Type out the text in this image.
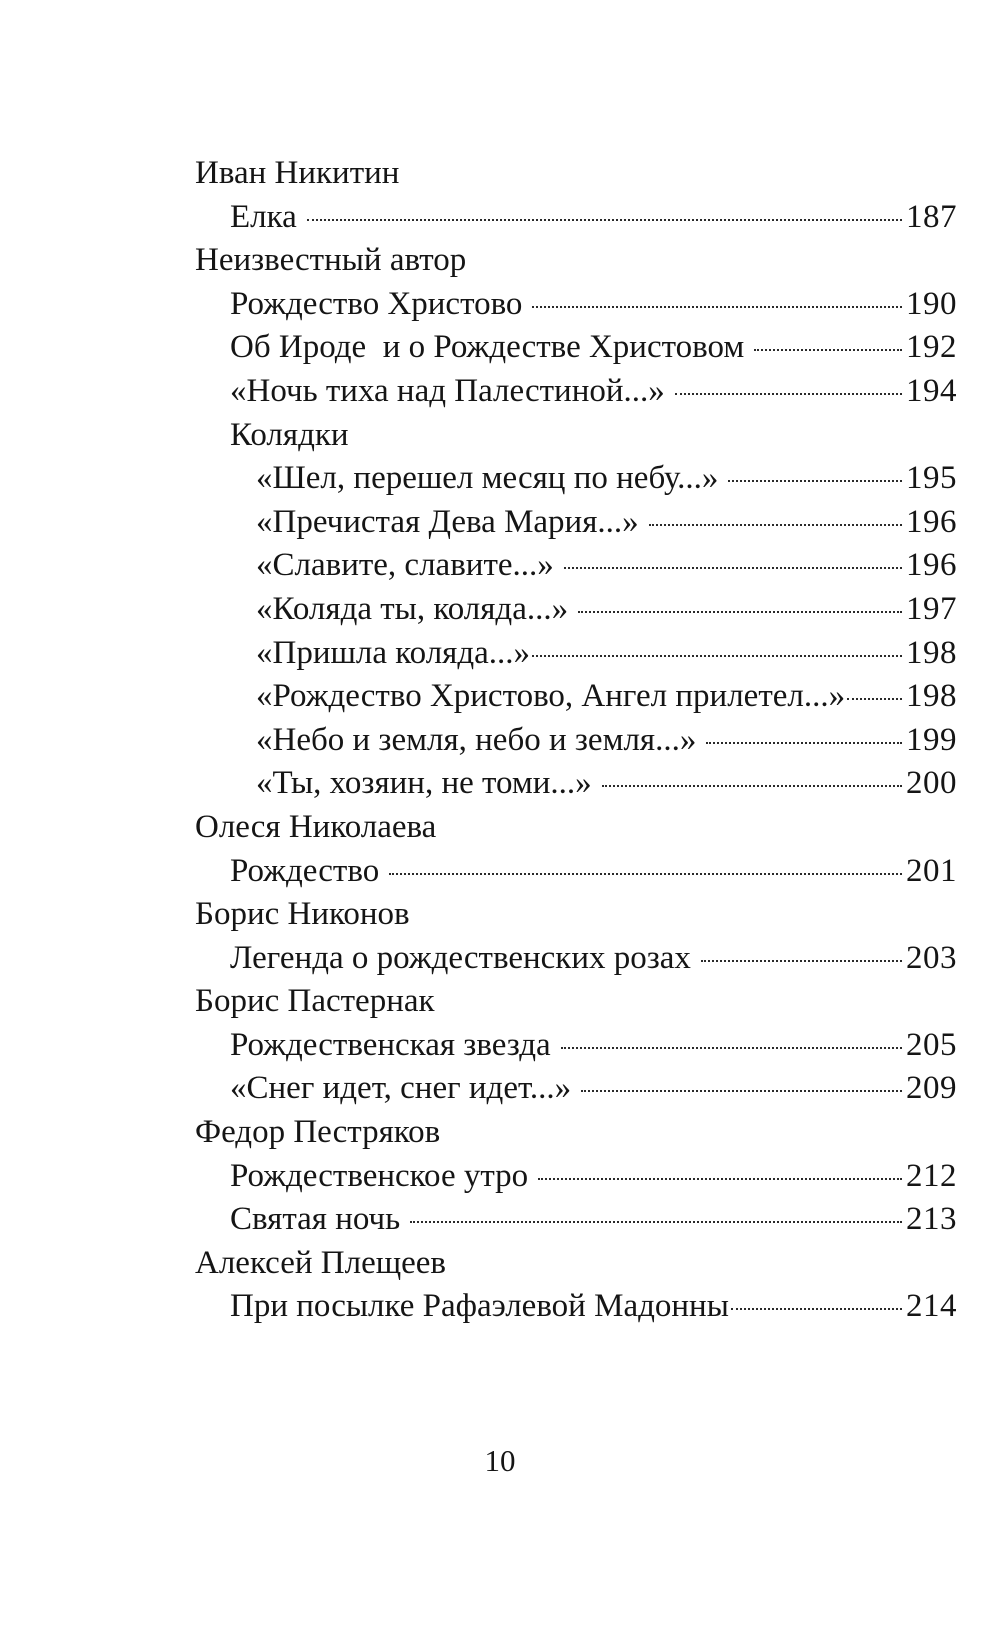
Иван Никитин
Елка	187
Неизвестный автор
Рождество Христово	190
Об Ироде  и о Рождестве Христовом	192
«Ночь тиха над Палестиной...»	194
Колядки
«Шел, перешел месяц по небу...»	195
«Пречистая Дева Мария...»	196
«Славите, славите...»	196
«Коляда ты, коляда...»	197
«Пришла коляда...»	198
«Рождество Христово, Ангел прилетел...» 198
«Небо и земля, небо и земля...»	199
«Ты, хозяин, не томи...»	200
Олеся Николаева
Рождество	201
Борис Никонов
Легенда о рождественских розах	203
Борис Пастернак
Рождественская звезда	205
«Снег идет, снег идет...»	209
Федор Пестряков
Рождественское утро	212
Святая ночь	213
Алексей Плещеев
При посылке Рафаэлевой Мадонны	214
10
